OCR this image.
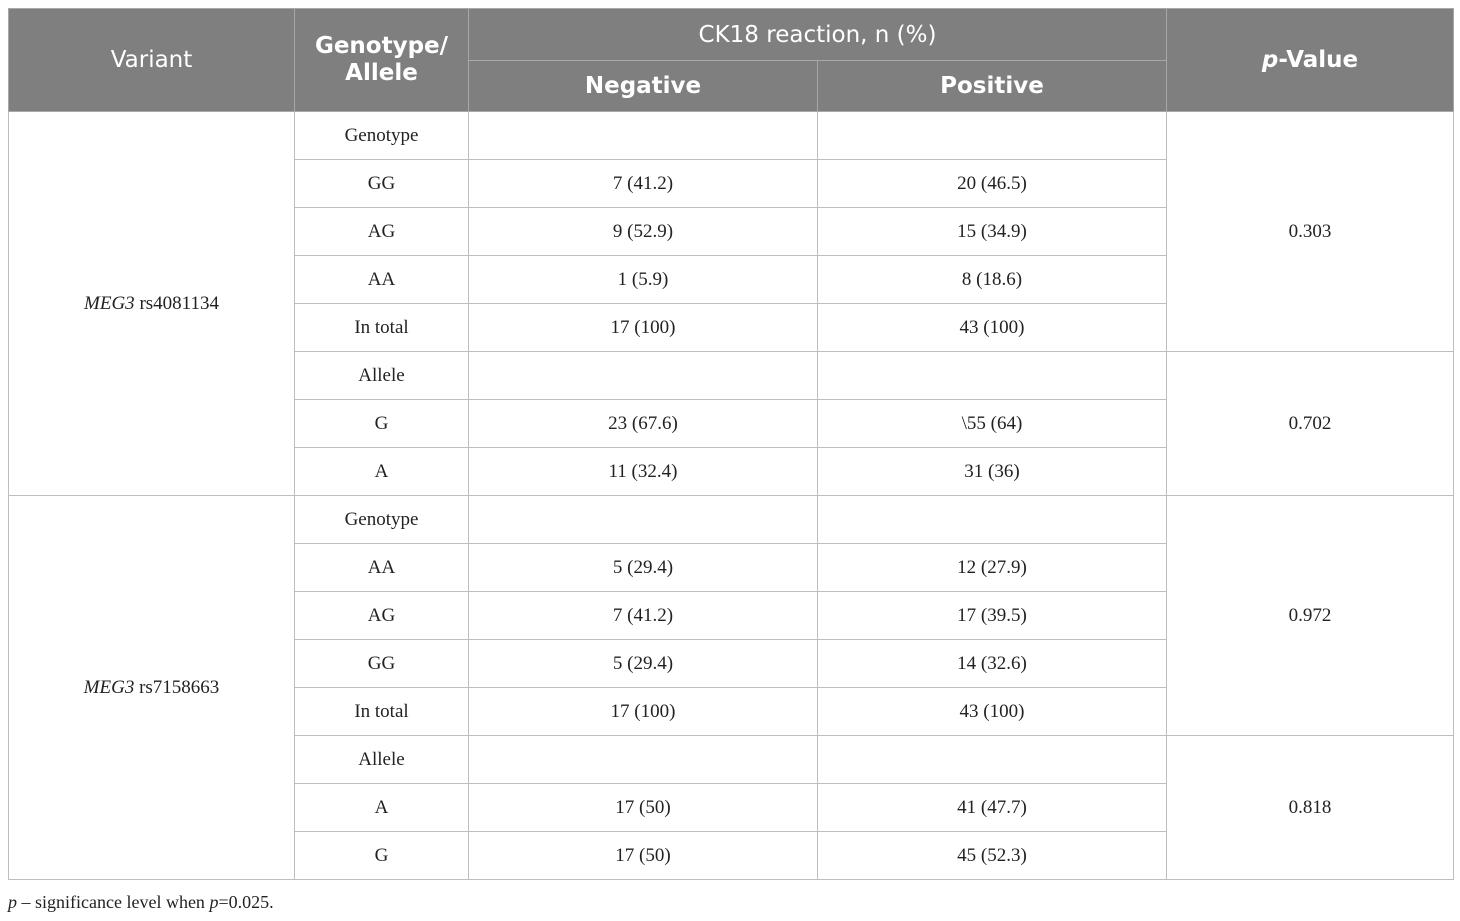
Variant	Genotype/ Allele	CK18 reaction, n (%)		p-Value
		Negative	Positive	
MEG3 rs4081134	Genotype			0.303
	GG	7 (41.2)	20 (46.5)	
	AG	9 (52.9)	15 (34.9)	
	AA	1 (5.9)	8 (18.6)	
	In total	17 (100)	43 (100)	
	Allele			0.702
	G	23 (67.6)	\55 (64)	
	A	11 (32.4)	31 (36)	
MEG3 rs7158663	Genotype			0.972
	AA	5 (29.4)	12 (27.9)	
	AG	7 (41.2)	17 (39.5)	
	GG	5 (29.4)	14 (32.6)	
	In total	17 (100)	43 (100)	
	Allele			0.818
	A	17 (50)	41 (47.7)	
	G	17 (50)	45 (52.3)	
p – significance level when p=0.025.
